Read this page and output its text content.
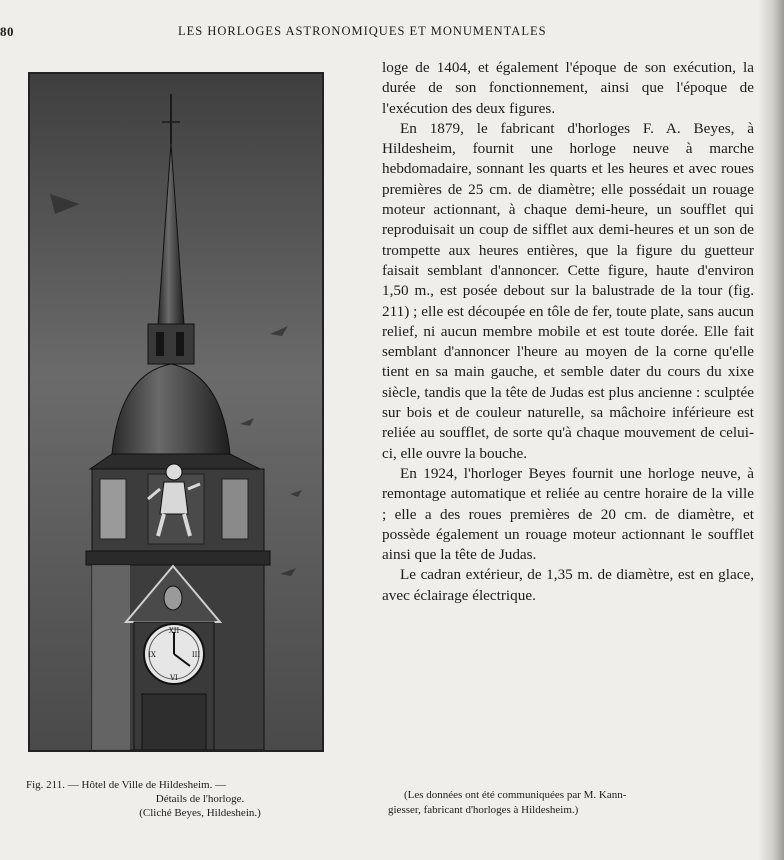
80	LES HORLOGES ASTRONOMIQUES ET MONUMENTALES
XII
III
VI
IX
Fig. 211. — Hôtel de Ville de Hildesheim. —
Détails de l'horloge.
(Cliché Beyes, Hildeshein.)

loge de 1404, et également l'époque de son exécution, la durée de son fonctionnement, ainsi que l'époque de l'exécution des deux figures.

En 1879, le fabricant d'horloges F. A. Beyes, à Hildesheim, fournit une horloge neuve à marche hebdomadaire, sonnant les quarts et les heures et avec roues premières de 25 cm. de diamètre; elle possédait un rouage moteur actionnant, à chaque demi-heure, un soufflet qui reproduisait un coup de sifflet aux demi-heures et un son de trompette aux heures entières, que la figure du guetteur faisait semblant d'annoncer. Cette figure, haute d'environ 1,50 m., est posée debout sur la balustrade de la tour (fig. 211) ; elle est découpée en tôle de fer, toute plate, sans aucun relief, ni aucun membre mobile et est toute dorée. Elle fait semblant d'annoncer l'heure au moyen de la corne qu'elle tient en sa main gauche, et semble dater du cours du xixe siècle, tandis que la tête de Judas est plus ancienne : sculptée sur bois et de couleur naturelle, sa mâchoire inférieure est reliée au soufflet, de sorte qu'à chaque mouvement de celui-ci, elle ouvre la bouche.

En 1924, l'horloger Beyes fournit une horloge neuve, à remontage automatique et reliée au centre horaire de la ville ; elle a des roues premières de 20 cm. de diamètre, et possède également un rouage moteur actionnant le soufflet ainsi que la tête de Judas.

Le cadran extérieur, de 1,35 m. de diamètre, est en glace, avec éclairage électrique.

(Les données ont été communiquées par M. Kann-
giesser, fabricant d'horloges à Hildesheim.)
